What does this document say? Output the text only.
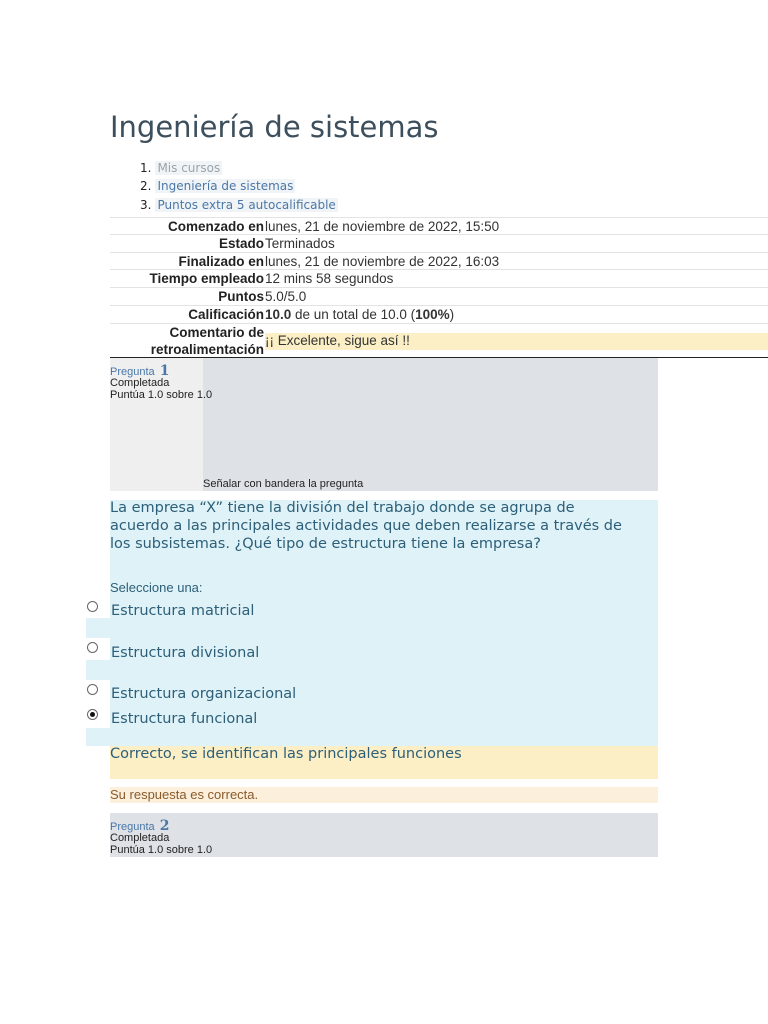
Ingeniería de sistemas
1. Mis cursos
2. Ingeniería de sistemas
3. Puntos extra 5 autocalificable
Comenzado en lunes, 21 de noviembre de 2022, 15:50
Estado Terminados
Finalizado en lunes, 21 de noviembre de 2022, 16:03
Tiempo empleado 12 mins 58 segundos
Puntos 5.0/5.0
Calificación 10.0 de un total de 10.0 (100%)
Comentario de
retroalimentación
¡¡ Excelente, sigue así !!
Pregunta 1
Completada
Puntúa 1.0 sobre 1.0
Señalar con bandera la pregunta
La empresa “X” tiene la división del trabajo donde se agrupa de
acuerdo a las principales actividades que deben realizarse a través de
los subsistemas. ¿Qué tipo de estructura tiene la empresa?
Seleccione una:
Estructura matricial
Estructura divisional
Estructura organizacional
Estructura funcional
Correcto, se identifican las principales funciones
Su respuesta es correcta.
Pregunta 2
Completada
Puntúa 1.0 sobre 1.0
